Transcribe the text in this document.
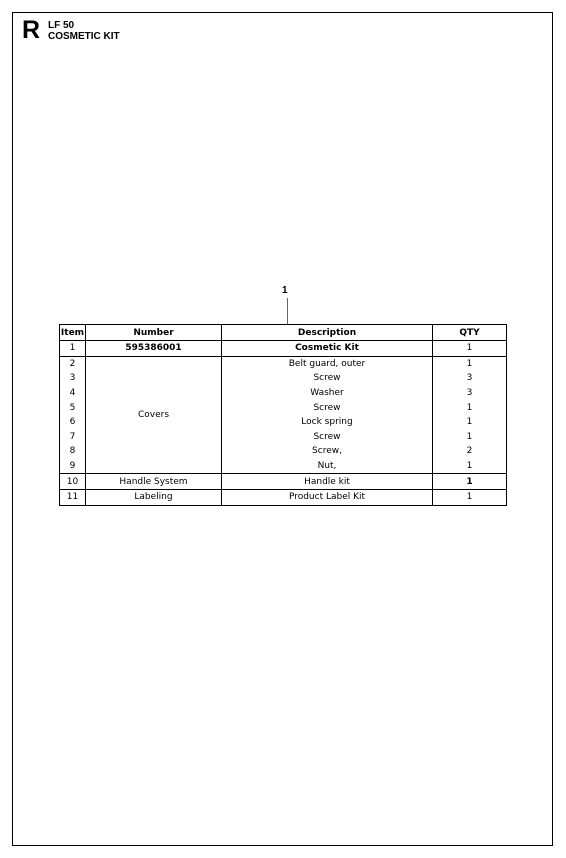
R LF 50
COSMETIC KIT
1
Item	Number	Description	QTY
1	595386001	Cosmetic Kit	1
2	Covers	Belt guard, outer	1
3		Screw	3
4		Washer	3
5		Screw	1
6		Lock spring	1
7		Screw	1
8		Screw,	2
9		Nut,	1
10	Handle System	Handle kit	1
11	Labeling	Product Label Kit	1
